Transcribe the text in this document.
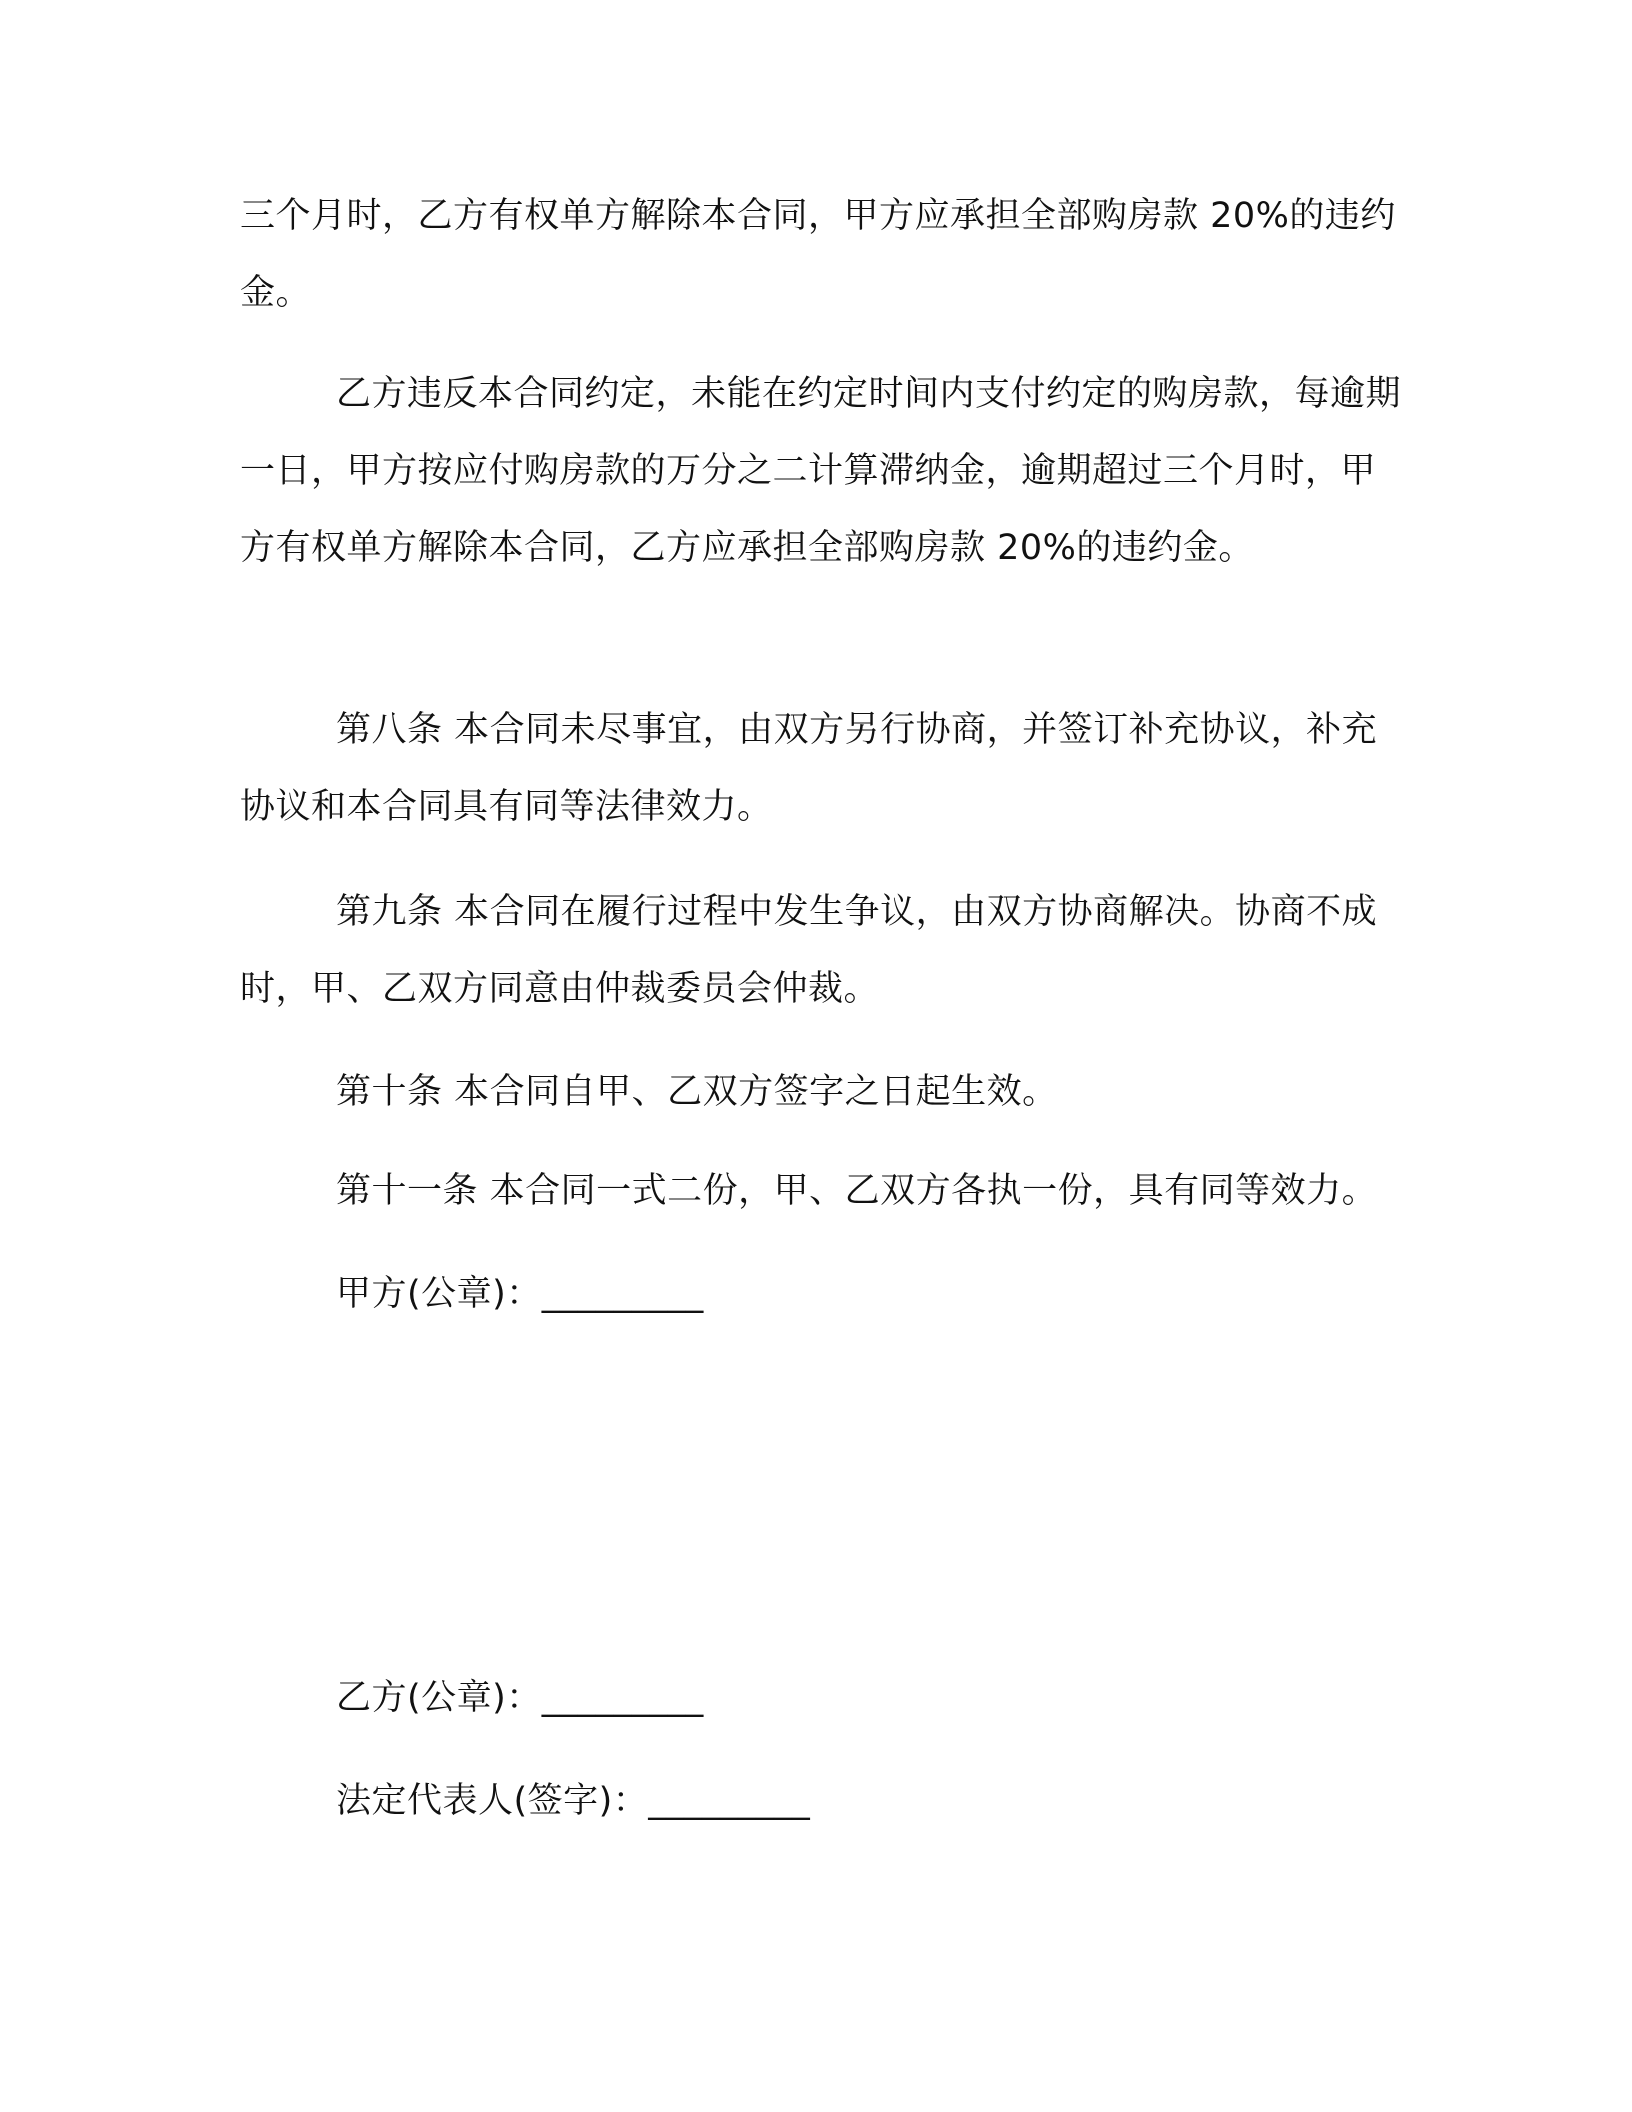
三个月时，乙方有权单方解除本合同，甲方应承担全部购房款 20%的违约金。

乙方违反本合同约定，未能在约定时间内支付约定的购房款，每逾期一日，甲方按应付购房款的万分之二计算滞纳金，逾期超过三个月时，甲方有权单方解除本合同，乙方应承担全部购房款 20%的违约金。

第八条 本合同未尽事宜，由双方另行协商，并签订补充协议，补充协议和本合同具有同等法律效力。

第九条 本合同在履行过程中发生争议，由双方协商解决。协商不成时，甲、乙双方同意由仲裁委员会仲裁。

第十条 本合同自甲、乙双方签字之日起生效。

第十一条 本合同一式二份，甲、乙双方各执一份，具有同等效力。

甲方(公章)：_________

乙方(公章)：_________

法定代表人(签字)：_________
